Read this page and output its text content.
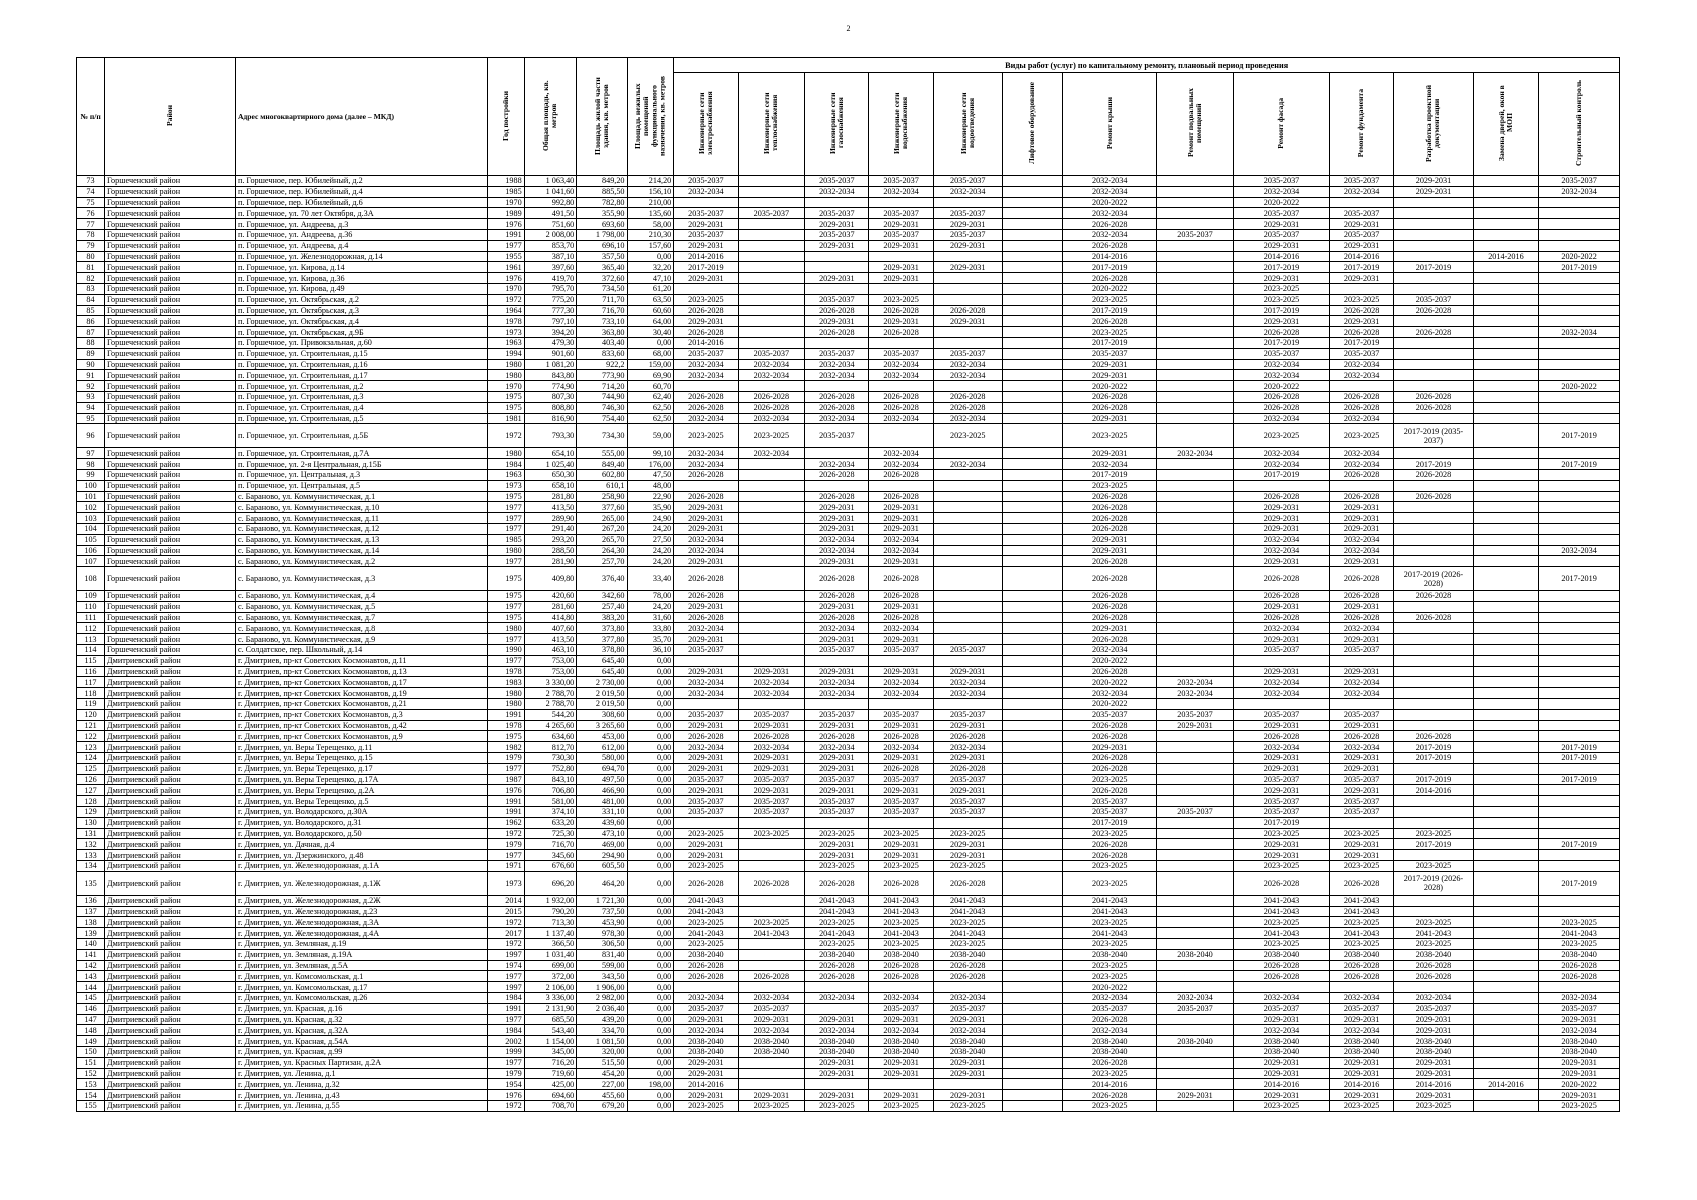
2
№ п/п	Район	Адрес многоквартирного дома (далее – МКД)	Год постройки	Общая площадь, кв. метров	Площадь жилой части здания, кв. метров	Площадь нежилых помещений функционального назначения, кв. метров	Виды работ (услуг) по капитальному ремонту, плановый период проведения												
							Инженерные сети электроснабжения	Инженерные сети теплоснабжения	Инженерные сети газоснабжения	Инженерные сети водоснабжения	Инженерные сети водоотведения	Лифтовое оборудование	Ремонт крыши	Ремонт подвальных помещений	Ремонт фасада	Ремонт фундамента	Разработка проектной документации	Замена дверей, окон в МОП	Строительный контроль
73	Горшеченский район	п. Горшечное, пер. Юбилейный, д.2	1988	1 063,40	849,20	214,20	2035-2037		2035-2037	2035-2037	2035-2037		2032-2034		2035-2037	2035-2037	2029-2031		2035-2037
74	Горшеченский район	п. Горшечное, пер. Юбилейный, д.4	1985	1 041,60	885,50	156,10	2032-2034		2032-2034	2032-2034	2032-2034		2032-2034		2032-2034	2032-2034	2029-2031		2032-2034
75	Горшеченский район	п. Горшечное, пер. Юбилейный, д.6	1970	992,80	782,80	210,00							2020-2022		2020-2022				
76	Горшеченский район	п. Горшечное, ул. 70 лет Октября, д.3А	1989	491,50	355,90	135,60	2035-2037	2035-2037	2035-2037	2035-2037	2035-2037		2032-2034		2035-2037	2035-2037			
77	Горшеченский район	п. Горшечное, ул. Андреева, д.3	1976	751,60	693,60	58,00	2029-2031		2029-2031	2029-2031	2029-2031		2026-2028		2029-2031	2029-2031			
78	Горшеченский район	п. Горшечное, ул. Андреева, д.36	1991	2 008,00	1 798,00	210,30	2035-2037		2035-2037	2035-2037	2035-2037		2032-2034	2035-2037	2035-2037	2035-2037			
79	Горшеченский район	п. Горшечное, ул. Андреева, д.4	1977	853,70	696,10	157,60	2029-2031		2029-2031	2029-2031	2029-2031		2026-2028		2029-2031	2029-2031			
80	Горшеченский район	п. Горшечное, ул. Железнодорожная, д.14	1955	387,10	357,50	0,00	2014-2016						2014-2016		2014-2016	2014-2016		2014-2016	2020-2022
81	Горшеченский район	п. Горшечное, ул. Кирова, д.14	1961	397,60	365,40	32,20	2017-2019			2029-2031	2029-2031		2017-2019		2017-2019	2017-2019	2017-2019		2017-2019
82	Горшеченский район	п. Горшечное, ул. Кирова, д.36	1976	419,70	372,60	47,10	2029-2031		2029-2031	2029-2031			2026-2028		2029-2031	2029-2031			
83	Горшеченский район	п. Горшечное, ул. Кирова, д.49	1970	795,70	734,50	61,20							2020-2022		2023-2025				
84	Горшеченский район	п. Горшечное, ул. Октябрьская, д.2	1972	775,20	711,70	63,50	2023-2025		2035-2037	2023-2025			2023-2025		2023-2025	2023-2025	2035-2037		
85	Горшеченский район	п. Горшечное, ул. Октябрьская, д.3	1964	777,30	716,70	60,60	2026-2028		2026-2028	2026-2028	2026-2028		2017-2019		2017-2019	2026-2028	2026-2028		
86	Горшеченский район	п. Горшечное, ул. Октябрьская, д.4	1978	797,10	733,10	64,00	2029-2031		2029-2031	2029-2031	2029-2031		2026-2028		2029-2031	2029-2031			
87	Горшеченский район	п. Горшечное, ул. Октябрьская, д.9Б	1973	394,20	363,80	30,40	2026-2028		2026-2028	2026-2028			2023-2025		2026-2028	2026-2028	2026-2028		2032-2034
88	Горшеченский район	п. Горшечное, ул. Привокзальная, д.60	1963	479,30	403,40	0,00	2014-2016						2017-2019		2017-2019	2017-2019			
89	Горшеченский район	п. Горшечное, ул. Строительная, д.15	1994	901,60	833,60	68,00	2035-2037	2035-2037	2035-2037	2035-2037	2035-2037		2035-2037		2035-2037	2035-2037			
90	Горшеченский район	п. Горшечное, ул. Строительная, д.16	1980	1 081,20	922,2	159,00	2032-2034	2032-2034	2032-2034	2032-2034	2032-2034		2029-2031		2032-2034	2032-2034			
91	Горшеченский район	п. Горшечное, ул. Строительная, д.17	1980	843,80	773,90	69,90	2032-2034	2032-2034	2032-2034	2032-2034	2032-2034		2029-2031		2032-2034	2032-2034			
92	Горшеченский район	п. Горшечное, ул. Строительная, д.2	1970	774,90	714,20	60,70							2020-2022		2020-2022				2020-2022
93	Горшеченский район	п. Горшечное, ул. Строительная, д.3	1975	807,30	744,90	62,40	2026-2028	2026-2028	2026-2028	2026-2028	2026-2028		2026-2028		2026-2028	2026-2028	2026-2028		
94	Горшеченский район	п. Горшечное, ул. Строительная, д.4	1975	808,80	746,30	62,50	2026-2028	2026-2028	2026-2028	2026-2028	2026-2028		2026-2028		2026-2028	2026-2028	2026-2028		
95	Горшеченский район	п. Горшечное, ул. Строительная, д.5	1981	816,90	754,40	62,50	2032-2034	2032-2034	2032-2034	2032-2034	2032-2034		2029-2031		2032-2034	2032-2034			
96	Горшеченский район	п. Горшечное, ул. Строительная, д.5Б	1972	793,30	734,30	59,00	2023-2025	2023-2025	2035-2037		2023-2025		2023-2025		2023-2025	2023-2025	2017-2019 (2035-2037)		2017-2019
97	Горшеченский район	п. Горшечное, ул. Строительная, д.7А	1980	654,10	555,00	99,10	2032-2034	2032-2034		2032-2034			2029-2031	2032-2034	2032-2034	2032-2034			
98	Горшеченский район	п. Горшечное, ул. 2-я Центральная, д.15Б	1984	1 025,40	849,40	176,00	2032-2034		2032-2034	2032-2034	2032-2034		2032-2034		2032-2034	2032-2034	2017-2019		2017-2019
99	Горшеченский район	п. Горшечное, ул. Центральная, д.3	1963	650,30	602,80	47,50	2026-2028		2026-2028	2026-2028			2017-2019		2017-2019	2026-2028	2026-2028		
100	Горшеченский район	п. Горшечное, ул. Центральная, д.5	1973	658,10	610,1	48,00							2023-2025						
101	Горшеченский район	с. Бараново, ул. Коммунистическая, д.1	1975	281,80	258,90	22,90	2026-2028		2026-2028	2026-2028			2026-2028		2026-2028	2026-2028	2026-2028		
102	Горшеченский район	с. Бараново, ул. Коммунистическая, д.10	1977	413,50	377,60	35,90	2029-2031		2029-2031	2029-2031			2026-2028		2029-2031	2029-2031			
103	Горшеченский район	с. Бараново, ул. Коммунистическая, д.11	1977	289,90	265,00	24,90	2029-2031		2029-2031	2029-2031			2026-2028		2029-2031	2029-2031			
104	Горшеченский район	с. Бараново, ул. Коммунистическая, д.12	1977	291,40	267,20	24,20	2029-2031		2029-2031	2029-2031			2026-2028		2029-2031	2029-2031			
105	Горшеченский район	с. Бараново, ул. Коммунистическая, д.13	1985	293,20	265,70	27,50	2032-2034		2032-2034	2032-2034			2029-2031		2032-2034	2032-2034			
106	Горшеченский район	с. Бараново, ул. Коммунистическая, д.14	1980	288,50	264,30	24,20	2032-2034		2032-2034	2032-2034			2029-2031		2032-2034	2032-2034			2032-2034
107	Горшеченский район	с. Бараново, ул. Коммунистическая, д.2	1977	281,90	257,70	24,20	2029-2031		2029-2031	2029-2031			2026-2028		2029-2031	2029-2031			
108	Горшеченский район	с. Бараново, ул. Коммунистическая, д.3	1975	409,80	376,40	33,40	2026-2028		2026-2028	2026-2028			2026-2028		2026-2028	2026-2028	2017-2019 (2026-2028)		2017-2019
109	Горшеченский район	с. Бараново, ул. Коммунистическая, д.4	1975	420,60	342,60	78,00	2026-2028		2026-2028	2026-2028			2026-2028		2026-2028	2026-2028	2026-2028		
110	Горшеченский район	с. Бараново, ул. Коммунистическая, д.5	1977	281,60	257,40	24,20	2029-2031		2029-2031	2029-2031			2026-2028		2029-2031	2029-2031			
111	Горшеченский район	с. Бараново, ул. Коммунистическая, д.7	1975	414,80	383,20	31,60	2026-2028		2026-2028	2026-2028			2026-2028		2026-2028	2026-2028	2026-2028		
112	Горшеченский район	с. Бараново, ул. Коммунистическая, д.8	1980	407,60	373,80	33,80	2032-2034		2032-2034	2032-2034			2029-2031		2032-2034	2032-2034			
113	Горшеченский район	с. Бараново, ул. Коммунистическая, д.9	1977	413,50	377,80	35,70	2029-2031		2029-2031	2029-2031			2026-2028		2029-2031	2029-2031			
114	Горшеченский район	с. Солдатское, пер. Школьный, д.14	1990	463,10	378,80	36,10	2035-2037		2035-2037	2035-2037	2035-2037		2032-2034		2035-2037	2035-2037			
115	Дмитриевский район	г. Дмитриев, пр-кт Советских Космонавтов, д.11	1977	753,00	645,40	0,00							2020-2022						
116	Дмитриевский район	г. Дмитриев, пр-кт Советских Космонавтов, д.13	1978	753,00	645,40	0,00	2029-2031	2029-2031	2029-2031	2029-2031	2029-2031		2026-2028		2029-2031	2029-2031			
117	Дмитриевский район	г. Дмитриев, пр-кт Советских Космонавтов, д.17	1983	3 330,00	2 730,00	0,00	2032-2034	2032-2034	2032-2034	2032-2034	2032-2034		2020-2022	2032-2034	2032-2034	2032-2034			
118	Дмитриевский район	г. Дмитриев, пр-кт Советских Космонавтов, д.19	1980	2 788,70	2 019,50	0,00	2032-2034	2032-2034	2032-2034	2032-2034	2032-2034		2032-2034	2032-2034	2032-2034	2032-2034			
119	Дмитриевский район	г. Дмитриев, пр-кт Советских Космонавтов, д.21	1980	2 788,70	2 019,50	0,00							2020-2022						
120	Дмитриевский район	г. Дмитриев, пр-кт Советских Космонавтов, д.3	1991	544,20	308,60	0,00	2035-2037	2035-2037	2035-2037	2035-2037	2035-2037		2035-2037	2035-2037	2035-2037	2035-2037			
121	Дмитриевский район	г. Дмитриев, пр-кт Советских Космонавтов, д.42	1978	4 265,60	3 265,60	0,00	2029-2031	2029-2031	2029-2031	2029-2031	2029-2031		2026-2028	2029-2031	2029-2031	2029-2031			
122	Дмитриевский район	г. Дмитриев, пр-кт Советских Космонавтов, д.9	1975	634,60	453,00	0,00	2026-2028	2026-2028	2026-2028	2026-2028	2026-2028		2026-2028		2026-2028	2026-2028	2026-2028		
123	Дмитриевский район	г. Дмитриев, ул. Веры Терещенко, д.11	1982	812,70	612,00	0,00	2032-2034	2032-2034	2032-2034	2032-2034	2032-2034		2029-2031		2032-2034	2032-2034	2017-2019		2017-2019
124	Дмитриевский район	г. Дмитриев, ул. Веры Терещенко, д.15	1979	730,30	580,00	0,00	2029-2031	2029-2031	2029-2031	2029-2031	2029-2031		2026-2028		2029-2031	2029-2031	2017-2019		2017-2019
125	Дмитриевский район	г. Дмитриев, ул. Веры Терещенко, д.17	1977	752,80	694,70	0,00	2029-2031	2029-2031	2029-2031	2026-2028	2026-2028		2026-2028		2029-2031	2029-2031			
126	Дмитриевский район	г. Дмитриев, ул. Веры Терещенко, д.17А	1987	843,10	497,50	0,00	2035-2037	2035-2037	2035-2037	2035-2037	2035-2037		2023-2025		2035-2037	2035-2037	2017-2019		2017-2019
127	Дмитриевский район	г. Дмитриев, ул. Веры Терещенко, д.2А	1976	706,80	466,90	0,00	2029-2031	2029-2031	2029-2031	2029-2031	2029-2031		2026-2028		2029-2031	2029-2031	2014-2016		
128	Дмитриевский район	г. Дмитриев, ул. Веры Терещенко, д.5	1991	581,00	481,00	0,00	2035-2037	2035-2037	2035-2037	2035-2037	2035-2037		2035-2037		2035-2037	2035-2037			
129	Дмитриевский район	г. Дмитриев, ул. Володарского, д.30А	1991	374,10	331,10	0,00	2035-2037	2035-2037	2035-2037	2035-2037	2035-2037		2035-2037	2035-2037	2035-2037	2035-2037			
130	Дмитриевский район	г. Дмитриев, ул. Володарского, д.31	1962	633,20	439,60	0,00							2017-2019		2017-2019				
131	Дмитриевский район	г. Дмитриев, ул. Володарского, д.50	1972	725,30	473,10	0,00	2023-2025	2023-2025	2023-2025	2023-2025	2023-2025		2023-2025		2023-2025	2023-2025	2023-2025		
132	Дмитриевский район	г. Дмитриев, ул. Дачная, д.4	1979	716,70	469,00	0,00	2029-2031		2029-2031	2029-2031	2029-2031		2026-2028		2029-2031	2029-2031	2017-2019		2017-2019
133	Дмитриевский район	г. Дмитриев, ул. Дзержинского, д.48	1977	345,60	294,90	0,00	2029-2031		2029-2031	2029-2031	2029-2031		2026-2028		2029-2031	2029-2031			
134	Дмитриевский район	г. Дмитриев, ул. Железнодорожная, д.1А	1971	676,60	605,50	0,00	2023-2025		2023-2025	2023-2025	2023-2025		2023-2025		2023-2025	2023-2025	2023-2025		
135	Дмитриевский район	г. Дмитриев, ул. Железнодорожная, д.1Ж	1973	696,20	464,20	0,00	2026-2028	2026-2028	2026-2028	2026-2028	2026-2028		2023-2025		2026-2028	2026-2028	2017-2019 (2026-2028)		2017-2019
136	Дмитриевский район	г. Дмитриев, ул. Железнодорожная, д.2Ж	2014	1 932,00	1 721,30	0,00	2041-2043		2041-2043	2041-2043	2041-2043		2041-2043		2041-2043	2041-2043			
137	Дмитриевский район	г. Дмитриев, ул. Железнодорожная, д.23	2015	790,20	737,50	0,00	2041-2043		2041-2043	2041-2043	2041-2043		2041-2043		2041-2043	2041-2043			
138	Дмитриевский район	г. Дмитриев, ул. Железнодорожная, д.3А	1972	713,30	453,90	0,00	2023-2025	2023-2025	2023-2025	2023-2025	2023-2025		2023-2025		2023-2025	2023-2025	2023-2025		2023-2025
139	Дмитриевский район	г. Дмитриев, ул. Железнодорожная, д.4А	2017	1 137,40	978,30	0,00	2041-2043	2041-2043	2041-2043	2041-2043	2041-2043		2041-2043		2041-2043	2041-2043	2041-2043		2041-2043
140	Дмитриевский район	г. Дмитриев, ул. Земляная, д.19	1972	366,50	306,50	0,00	2023-2025		2023-2025	2023-2025	2023-2025		2023-2025		2023-2025	2023-2025	2023-2025		2023-2025
141	Дмитриевский район	г. Дмитриев, ул. Земляная, д.19А	1997	1 031,40	831,40	0,00	2038-2040		2038-2040	2038-2040	2038-2040		2038-2040	2038-2040	2038-2040	2038-2040	2038-2040		2038-2040
142	Дмитриевский район	г. Дмитриев, ул. Земляная, д.5А	1974	699,00	599,00	0,00	2026-2028		2026-2028	2026-2028	2026-2028		2023-2025		2026-2028	2026-2028	2026-2028		2026-2028
143	Дмитриевский район	г. Дмитриев, ул. Комсомольская, д.1	1977	372,00	343,50	0,00	2026-2028	2026-2028	2026-2028	2026-2028	2026-2028		2023-2025		2026-2028	2026-2028	2026-2028		2026-2028
144	Дмитриевский район	г. Дмитриев, ул. Комсомольская, д.17	1997	2 106,00	1 906,00	0,00							2020-2022						
145	Дмитриевский район	г. Дмитриев, ул. Комсомольская, д.26	1984	3 336,00	2 982,00	0,00	2032-2034	2032-2034	2032-2034	2032-2034	2032-2034		2032-2034	2032-2034	2032-2034	2032-2034	2032-2034		2032-2034
146	Дмитриевский район	г. Дмитриев, ул. Красная, д.16	1991	2 131,90	2 036,40	0,00	2035-2037	2035-2037		2035-2037	2035-2037		2035-2037	2035-2037	2035-2037	2035-2037	2035-2037		2035-2037
147	Дмитриевский район	г. Дмитриев, ул. Красная, д.32	1977	685,50	439,20	0,00	2029-2031	2029-2031	2029-2031	2029-2031	2029-2031		2026-2028		2029-2031	2029-2031	2029-2031		2029-2031
148	Дмитриевский район	г. Дмитриев, ул. Красная, д.32А	1984	543,40	334,70	0,00	2032-2034	2032-2034	2032-2034	2032-2034	2032-2034		2032-2034		2032-2034	2032-2034	2029-2031		2032-2034
149	Дмитриевский район	г. Дмитриев, ул. Красная, д.54А	2002	1 154,00	1 081,50	0,00	2038-2040	2038-2040	2038-2040	2038-2040	2038-2040		2038-2040	2038-2040	2038-2040	2038-2040	2038-2040		2038-2040
150	Дмитриевский район	г. Дмитриев, ул. Красная, д.99	1999	345,00	320,00	0,00	2038-2040	2038-2040	2038-2040	2038-2040	2038-2040		2038-2040		2038-2040	2038-2040	2038-2040		2038-2040
151	Дмитриевский район	г. Дмитриев, ул. Красных Партизан, д.2А	1977	716,20	515,50	0,00	2029-2031		2029-2031	2029-2031	2029-2031		2026-2028		2029-2031	2029-2031	2029-2031		2029-2031
152	Дмитриевский район	г. Дмитриев, ул. Ленина, д.1	1979	719,60	454,20	0,00	2029-2031		2029-2031	2029-2031	2029-2031		2023-2025		2029-2031	2029-2031	2029-2031		2029-2031
153	Дмитриевский район	г. Дмитриев, ул. Ленина, д.32	1954	425,00	227,00	198,00	2014-2016						2014-2016		2014-2016	2014-2016	2014-2016	2014-2016	2020-2022
154	Дмитриевский район	г. Дмитриев, ул. Ленина, д.43	1976	694,60	455,60	0,00	2029-2031	2029-2031	2029-2031	2029-2031	2029-2031		2026-2028	2029-2031	2029-2031	2029-2031	2029-2031		2029-2031
155	Дмитриевский район	г. Дмитриев, ул. Ленина, д.55	1972	708,70	679,20	0,00	2023-2025	2023-2025	2023-2025	2023-2025	2023-2025		2023-2025		2023-2025	2023-2025	2023-2025		2023-2025
